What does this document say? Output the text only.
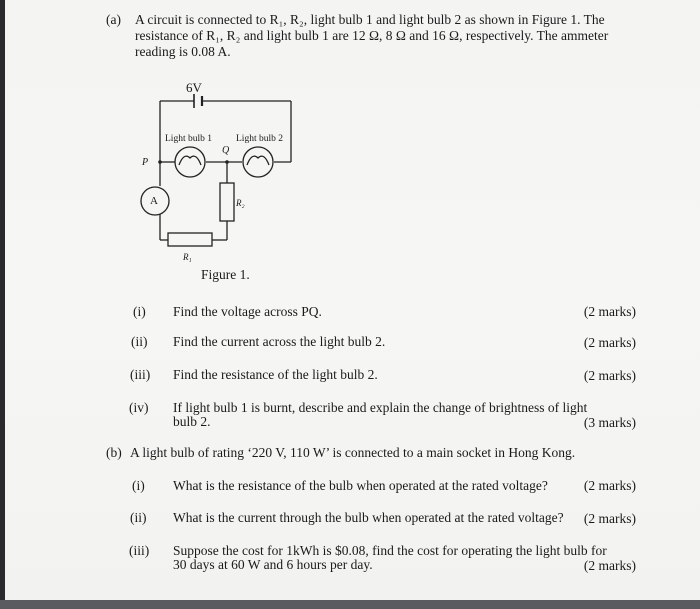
(a) A circuit is connected to R₁, R₂, light bulb 1 and light bulb 2 as shown in Figure 1. The
resistance of R₁, R₂ and light bulb 1 are 12 Ω, 8 Ω and 16 Ω, respectively. The ammeter
reading is 0.08 A.
6V
Light bulb 1	Light bulb 2
P
Q
A	R₂
R₁
Figure 1.
(i) Find the voltage across PQ.	(2 marks)
(ii) Find the current across the light bulb 2.	(2 marks)
(iii) Find the resistance of the light bulb 2.	(2 marks)
(iv) If light bulb 1 is burnt, describe and explain the change of brightness of light
bulb 2.	(3 marks)
(b) A light bulb of rating ‘220 V, 110 W’ is connected to a main socket in Hong Kong.
(i) What is the resistance of the bulb when operated at the rated voltage?	(2 marks)
(ii) What is the current through the bulb when operated at the rated voltage? (2 marks)
(iii) Suppose the cost for 1kWh is $0.08, find the cost for operating the light bulb for
30 days at 60 W and 6 hours per day.	(2 marks)
